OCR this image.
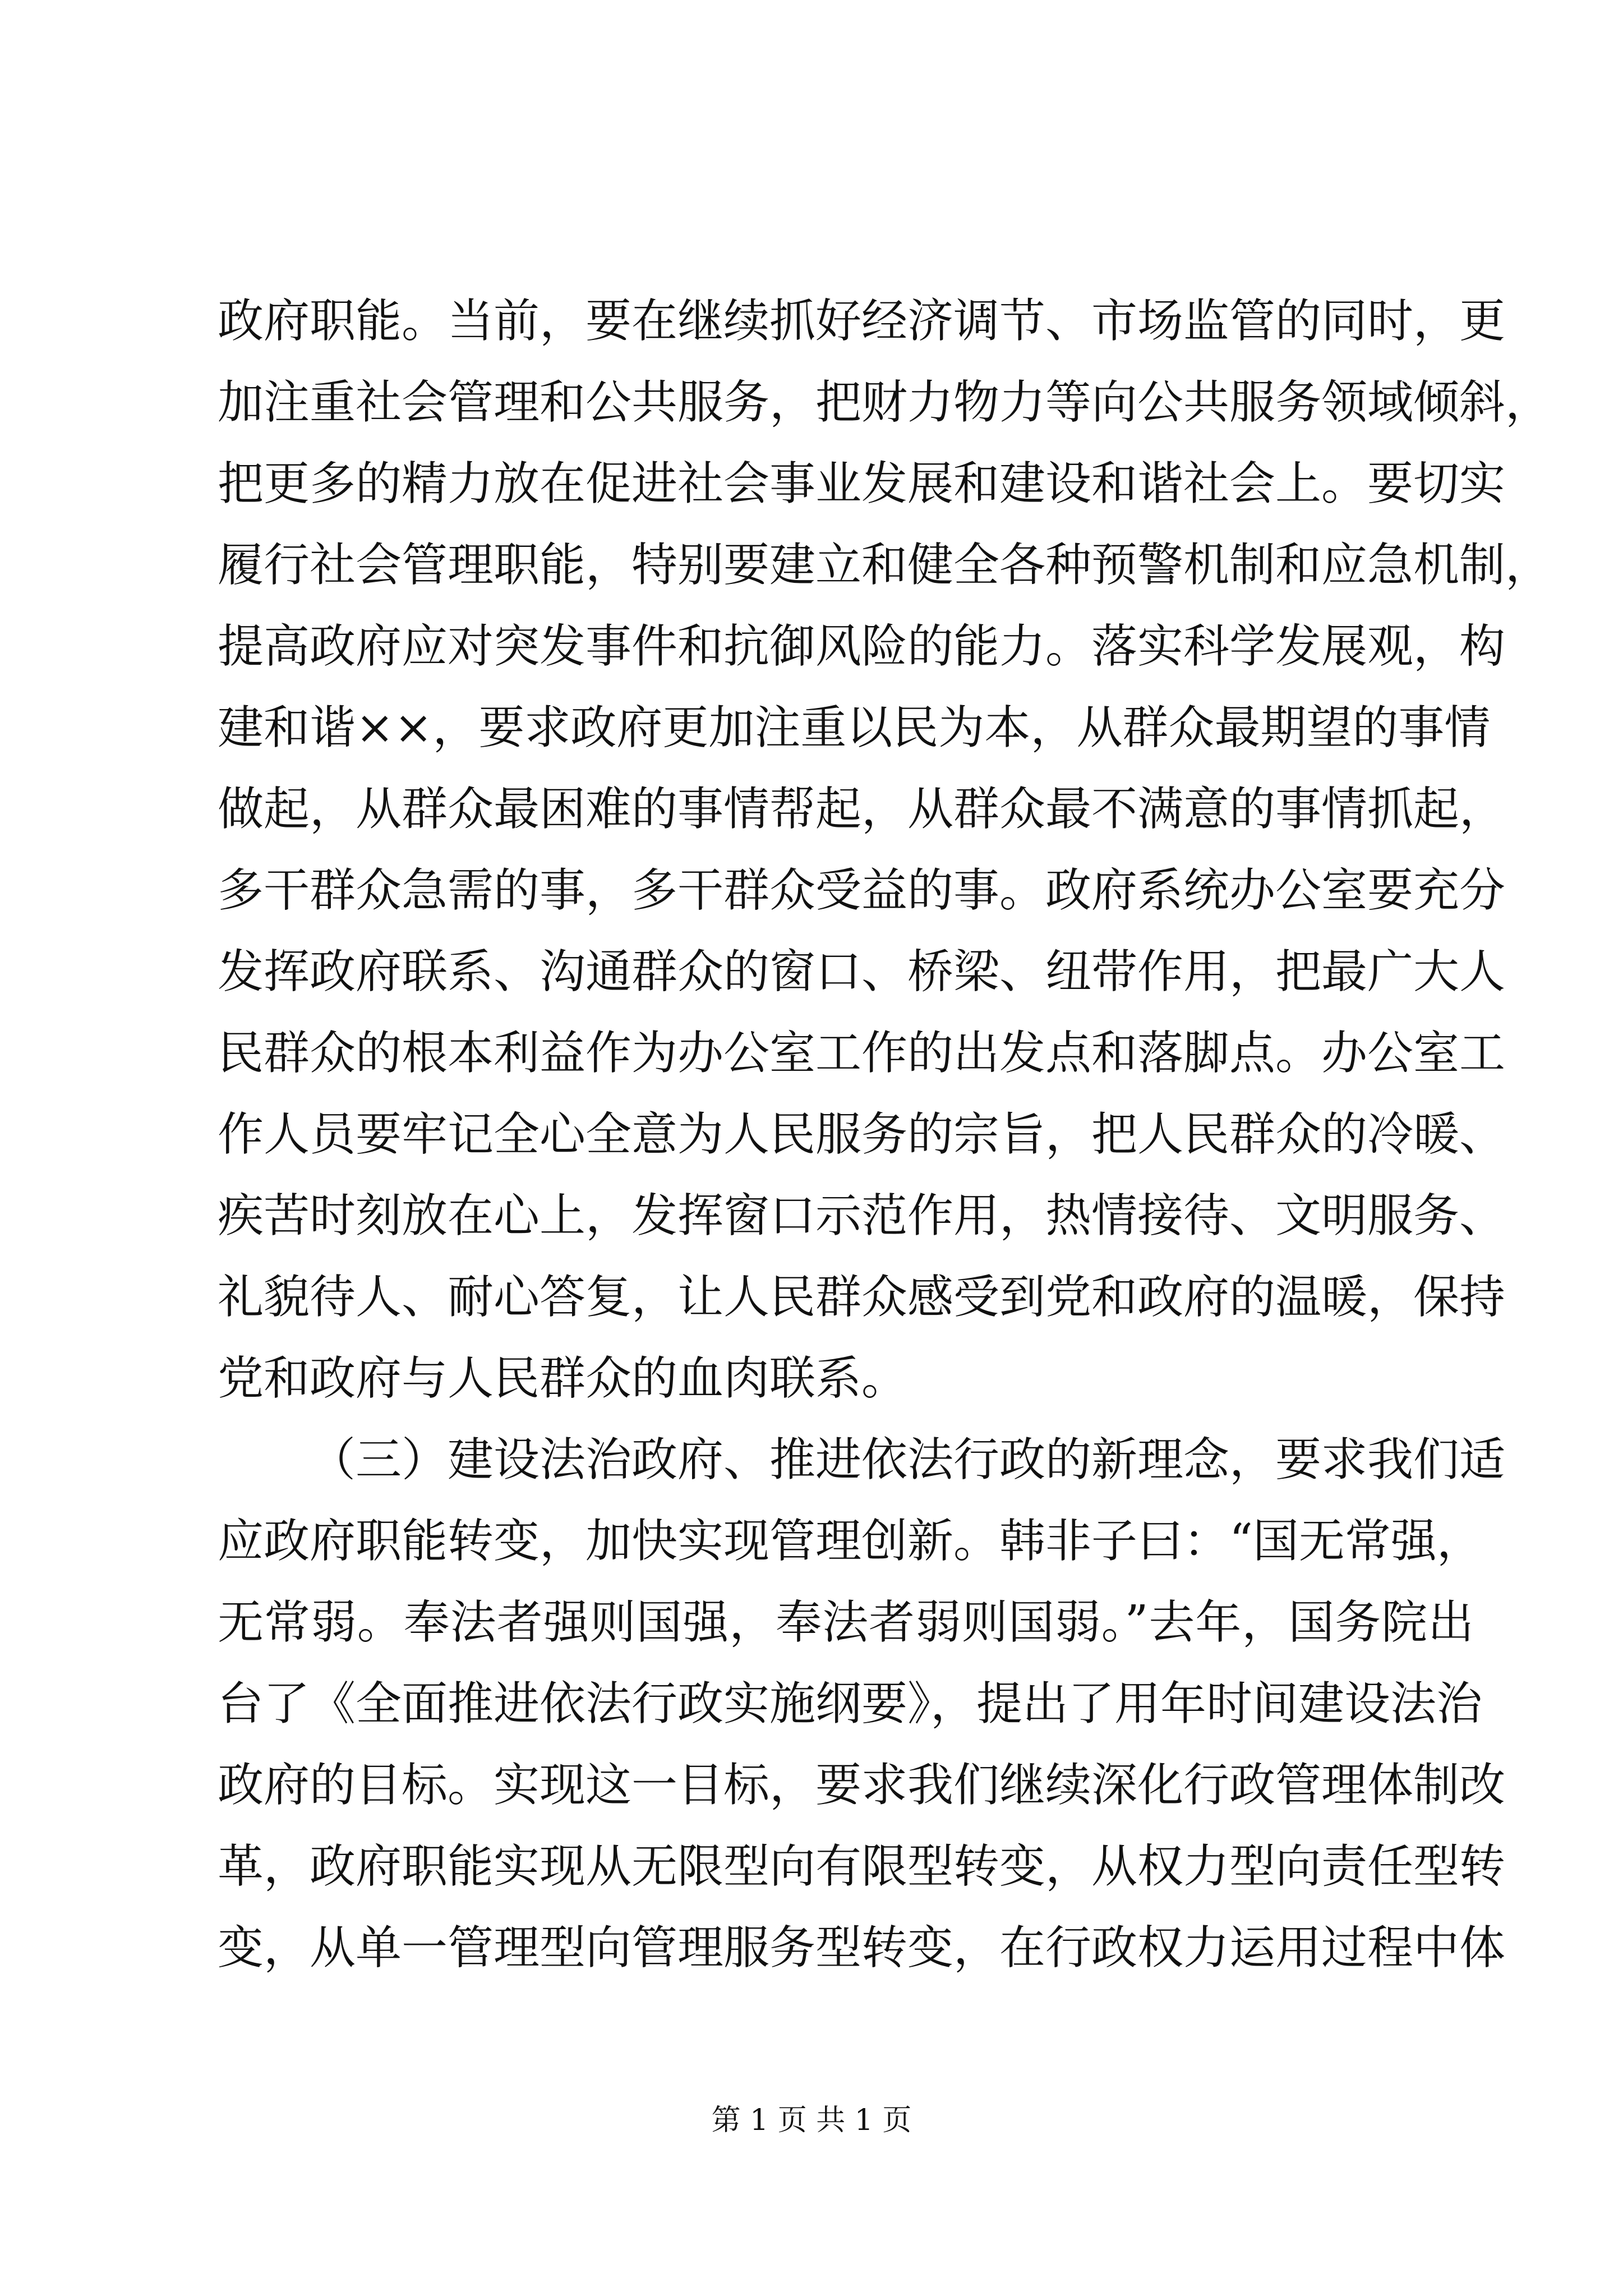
政府职能。当前，要在继续抓好经济调节、市场监管的同时，更
加注重社会管理和公共服务，把财力物力等向公共服务领域倾斜，
把更多的精力放在促进社会事业发展和建设和谐社会上。要切实
履行社会管理职能，特别要建立和健全各种预警机制和应急机制，
提高政府应对突发事件和抗御风险的能力。落实科学发展观，构
建和谐××，要求政府更加注重以民为本，从群众最期望的事情
做起，从群众最困难的事情帮起，从群众最不满意的事情抓起，
多干群众急需的事，多干群众受益的事。政府系统办公室要充分
发挥政府联系、沟通群众的窗口、桥梁、纽带作用，把最广大人
民群众的根本利益作为办公室工作的出发点和落脚点。办公室工
作人员要牢记全心全意为人民服务的宗旨，把人民群众的冷暖、
疾苦时刻放在心上，发挥窗口示范作用，热情接待、文明服务、
礼貌待人、耐心答复，让人民群众感受到党和政府的温暖，保持
党和政府与人民群众的血肉联系。
（三）建设法治政府、推进依法行政的新理念，要求我们适
应政府职能转变，加快实现管理创新。韩非子曰：“国无常强，
无常弱。奉法者强则国强，奉法者弱则国弱。”去年，国务院出
台了《全面推进依法行政实施纲要》，提出了用年时间建设法治
政府的目标。实现这一目标，要求我们继续深化行政管理体制改
革，政府职能实现从无限型向有限型转变，从权力型向责任型转
变，从单一管理型向管理服务型转变，在行政权力运用过程中体
第 1 页 共 1 页
